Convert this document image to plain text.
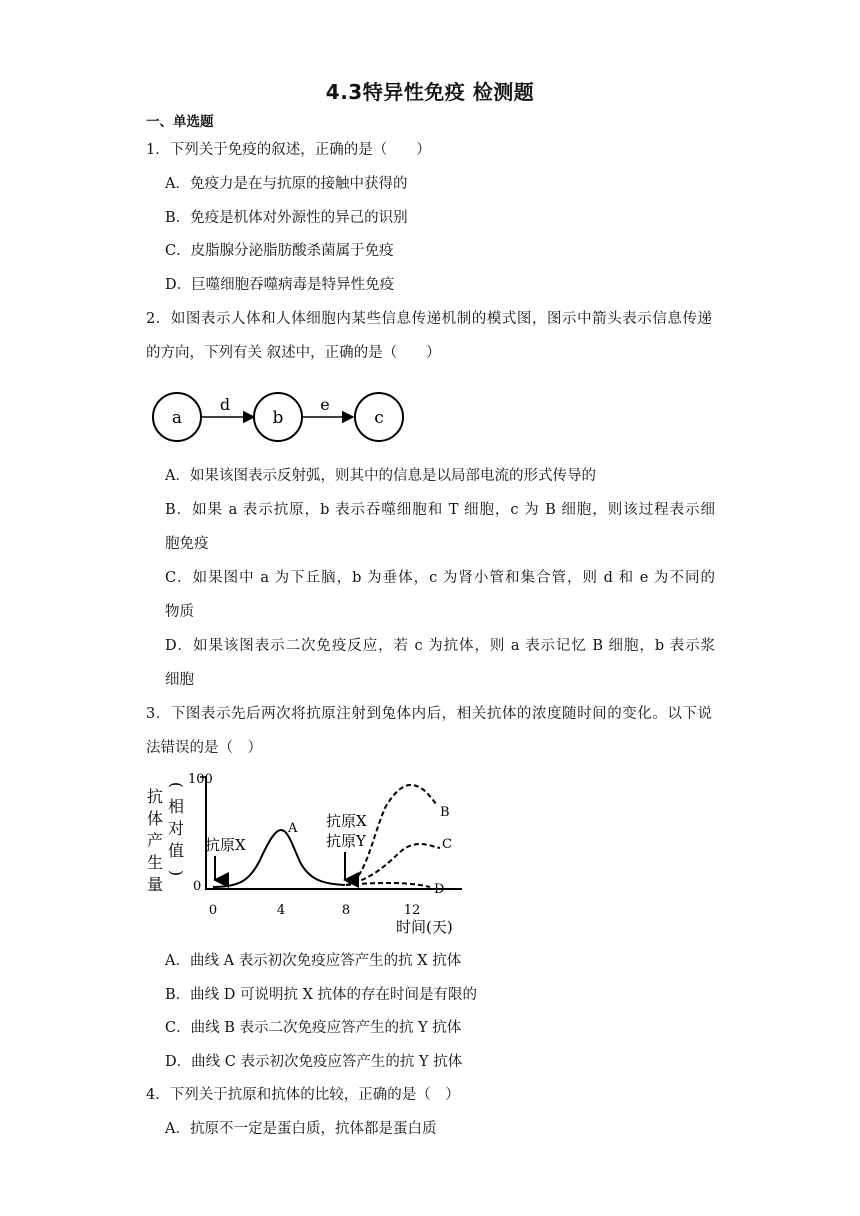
4.3特异性免疫 检测题
一、单选题
1．下列关于免疫的叙述，正确的是（　　）
A．免疫力是在与抗原的接触中获得的
B．免疫是机体对外源性的异己的识别
C．皮脂腺分泌脂肪酸杀菌属于免疫
D．巨噬细胞吞噬病毒是特异性免疫
2．如图表示人体和人体细胞内某些信息传递机制的模式图，图示中箭头表示信息传递
的方向，下列有关 叙述中，正确的是（　　）
a
d
b
e
c
A．如果该图表示反射弧，则其中的信息是以局部电流的形式传导的
B．如果 a 表示抗原，b 表示吞噬细胞和 T 细胞，c 为 B 细胞，则该过程表示细
胞免疫
C．如果图中 a 为下丘脑，b 为垂体，c 为肾小管和集合管，则 d 和 e 为不同的
物质
D．如果该图表示二次免疫反应，若 c 为抗体，则 a 表示记忆 B 细胞，b 表示浆
细胞
3．下图表示先后两次将抗原注射到兔体内后，相关抗体的浓度随时间的变化。以下说
法错误的是（　）
抗
体
产
生
量
(
相
对
值
)
100
0
0	4	8	12
时间(天)
A
B
C
D
抗原X
抗原X
抗原Y
A．曲线 A 表示初次免疫应答产生的抗 X 抗体
B．曲线 D 可说明抗 X 抗体的存在时间是有限的
C．曲线 B 表示二次免疫应答产生的抗 Y 抗体
D．曲线 C 表示初次免疫应答产生的抗 Y 抗体
4．下列关于抗原和抗体的比较，正确的是（　）
A．抗原不一定是蛋白质，抗体都是蛋白质
